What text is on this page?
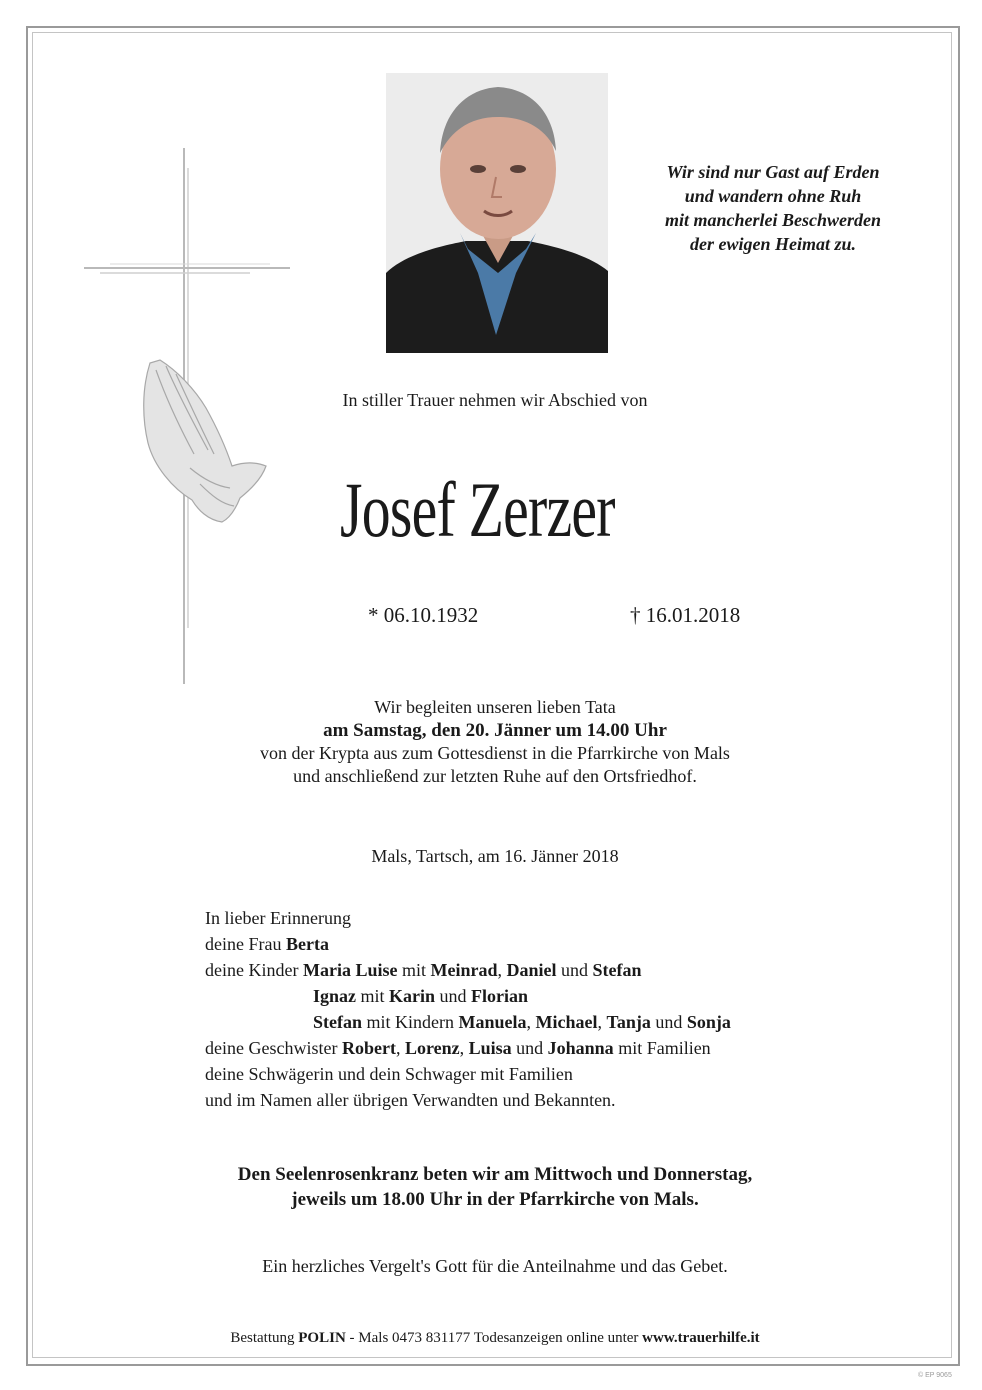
Wir sind nur Gast auf Erden
und wandern ohne Ruh
mit mancherlei Beschwerden
der ewigen Heimat zu.
In stiller Trauer nehmen wir Abschied von
Josef Zerzer
* 06.10.1932	† 16.01.2018
Wir begleiten unseren lieben Tata
am Samstag, den 20. Jänner um 14.00 Uhr
von der Krypta aus zum Gottesdienst in die Pfarrkirche von Mals
und anschließend zur letzten Ruhe auf den Ortsfriedhof.
Mals, Tartsch, am 16. Jänner 2018
In lieber Erinnerung
deine Frau Berta
deine Kinder Maria Luise mit Meinrad, Daniel und Stefan
Ignaz mit Karin und Florian
Stefan mit Kindern Manuela, Michael, Tanja und Sonja
deine Geschwister Robert, Lorenz, Luisa und Johanna mit Familien
deine Schwägerin und dein Schwager mit Familien
und im Namen aller übrigen Verwandten und Bekannten.
Den Seelenrosenkranz beten wir am Mittwoch und Donnerstag,
jeweils um 18.00 Uhr in der Pfarrkirche von Mals.
Ein herzliches Vergelt's Gott für die Anteilnahme und das Gebet.
Bestattung POLIN - Mals 0473 831177 Todesanzeigen online unter www.trauerhilfe.it
© EP 9065
